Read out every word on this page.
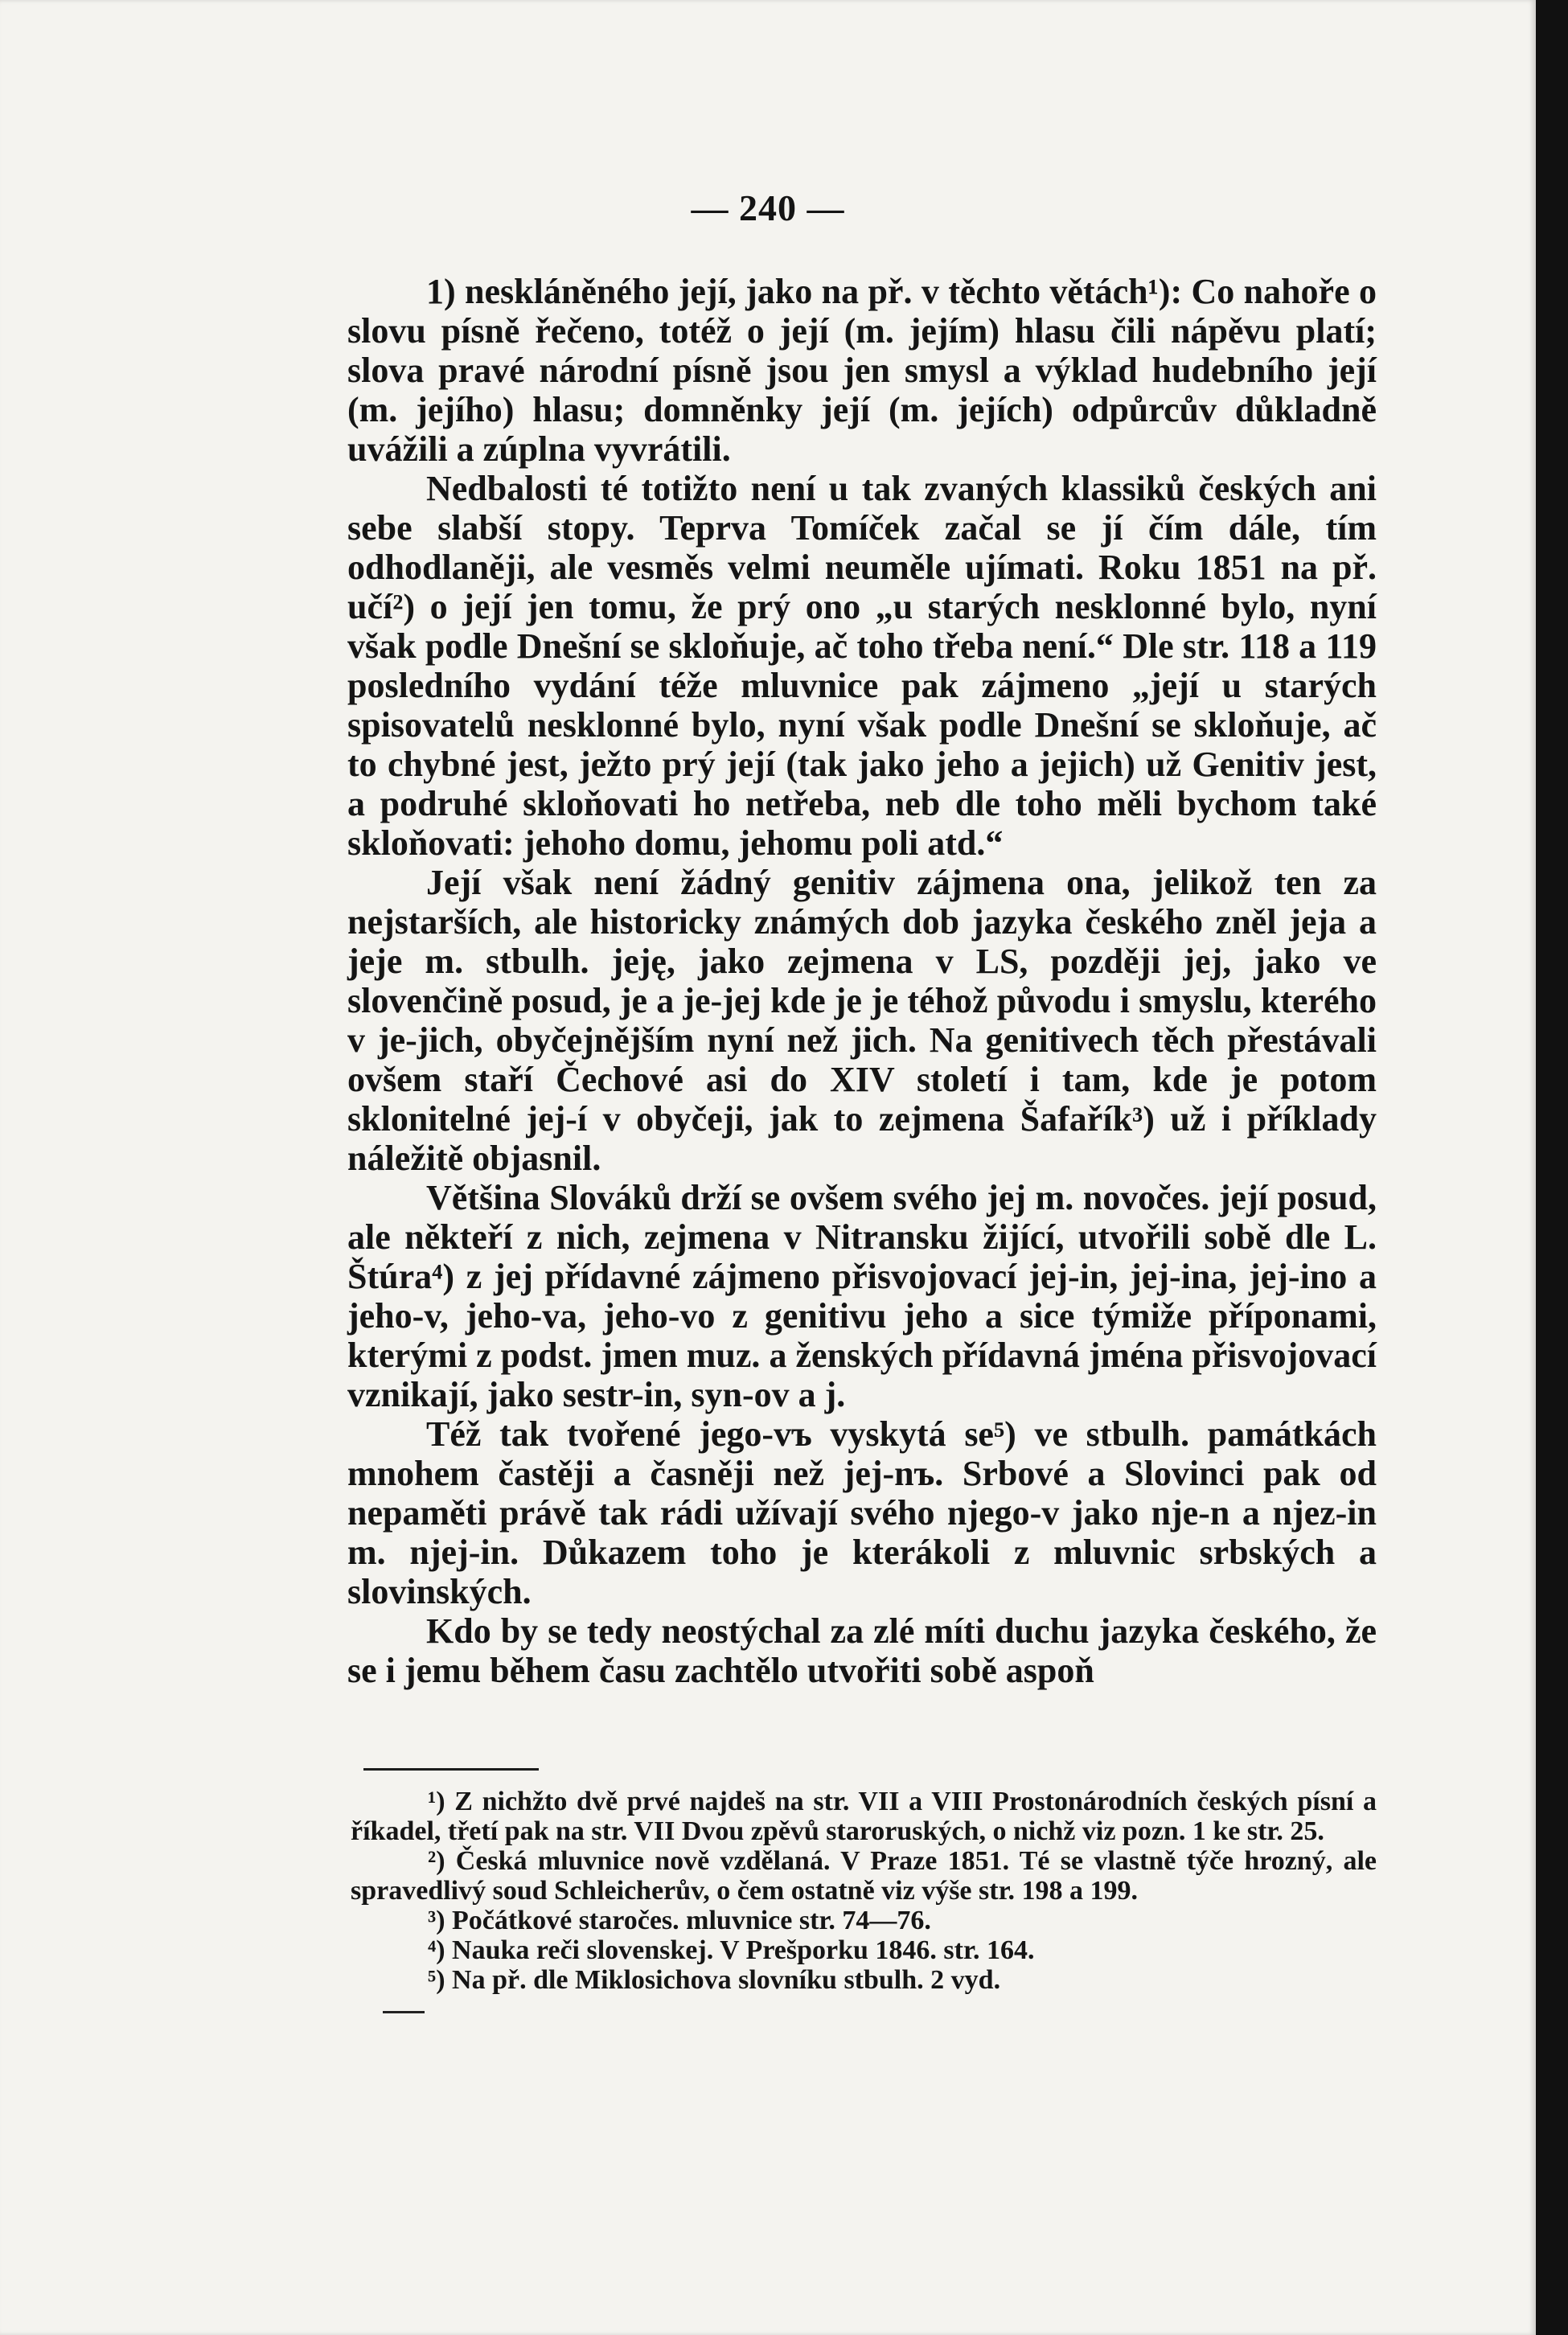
— 240 —

1) neskláněného její, jako na př. v těchto větách¹): Co nahoře o slovu písně řečeno, totéž o její (m. jejím) hlasu čili nápěvu platí; slova pravé národní písně jsou jen smysl a výklad hudebního její (m. jejího) hlasu; domněnky její (m. jejích) odpůrcův důkladně uvážili a zúplna vyvrátili.

Nedbalosti té totižto není u tak zvaných klassiků českých ani sebe slabší stopy. Teprva Tomíček začal se jí čím dále, tím odhodlaněji, ale vesměs velmi neuměle ujímati. Roku 1851 na př. učí²) o její jen tomu, že prý ono „u starých nesklonné bylo, nyní však podle Dnešní se skloňuje, ač toho třeba není.“ Dle str. 118 a 119 posledního vydání téže mluvnice pak zájmeno „její u starých spisovatelů nesklonné bylo, nyní však podle Dnešní se skloňuje, ač to chybné jest, ježto prý její (tak jako jeho a jejich) už Genitiv jest, a podruhé skloňovati ho netřeba, neb dle toho měli bychom také skloňovati: jehoho domu, jehomu poli atd.“

Její však není žádný genitiv zájmena ona, jelikož ten za nejstarších, ale historicky známých dob jazyka českého zněl jeja a jeje m. stbulh. jeję, jako zejmena v LS, později jej, jako ve slovenčině posud, je a je-jej kde je je téhož původu i smyslu, kterého v je-jich, obyčejnějším nyní než jich. Na genitivech těch přestávali ovšem staří Čechové asi do XIV století i tam, kde je potom sklonitelné jej-í v obyčeji, jak to zejmena Šafařík³) už i příklady náležitě objasnil.

Většina Slováků drží se ovšem svého jej m. novočes. její posud, ale někteří z nich, zejmena v Nitransku žijící, utvořili sobě dle L. Štúra⁴) z jej přídavné zájmeno přisvojovací jej-in, jej-ina, jej-ino a jeho-v, jeho-va, jeho-vo z genitivu jeho a sice týmiže příponami, kterými z podst. jmen muz. a ženských přídavná jména přisvojovací vznikají, jako sestr-in, syn-ov a j.

Též tak tvořené jego-vъ vyskytá se⁵) ve stbulh. památkách mnohem častěji a časněji než jej-nъ. Srbové a Slovinci pak od nepaměti právě tak rádi užívají svého njego-v jako nje-n a njez-in m. njej-in. Důkazem toho je kterákoli z mluvnic srbských a slovinských.

Kdo by se tedy neostýchal za zlé míti duchu jazyka českého, že se i jemu během času zachtělo utvořiti sobě aspoň

¹) Z nichžto dvě prvé najdeš na str. VII a VIII Prostonárodních českých písní a říkadel, třetí pak na str. VII Dvou zpěvů staroruských, o nichž viz pozn. 1 ke str. 25.

²) Česká mluvnice nově vzdělaná. V Praze 1851. Té se vlastně týče hrozný, ale spravedlivý soud Schleicherův, o čem ostatně viz výše str. 198 a 199.

³) Počátkové staročes. mluvnice str. 74—76.

⁴) Nauka reči slovenskej. V Prešporku 1846. str. 164.

⁵) Na př. dle Miklosichova slovníku stbulh. 2 vyd.
